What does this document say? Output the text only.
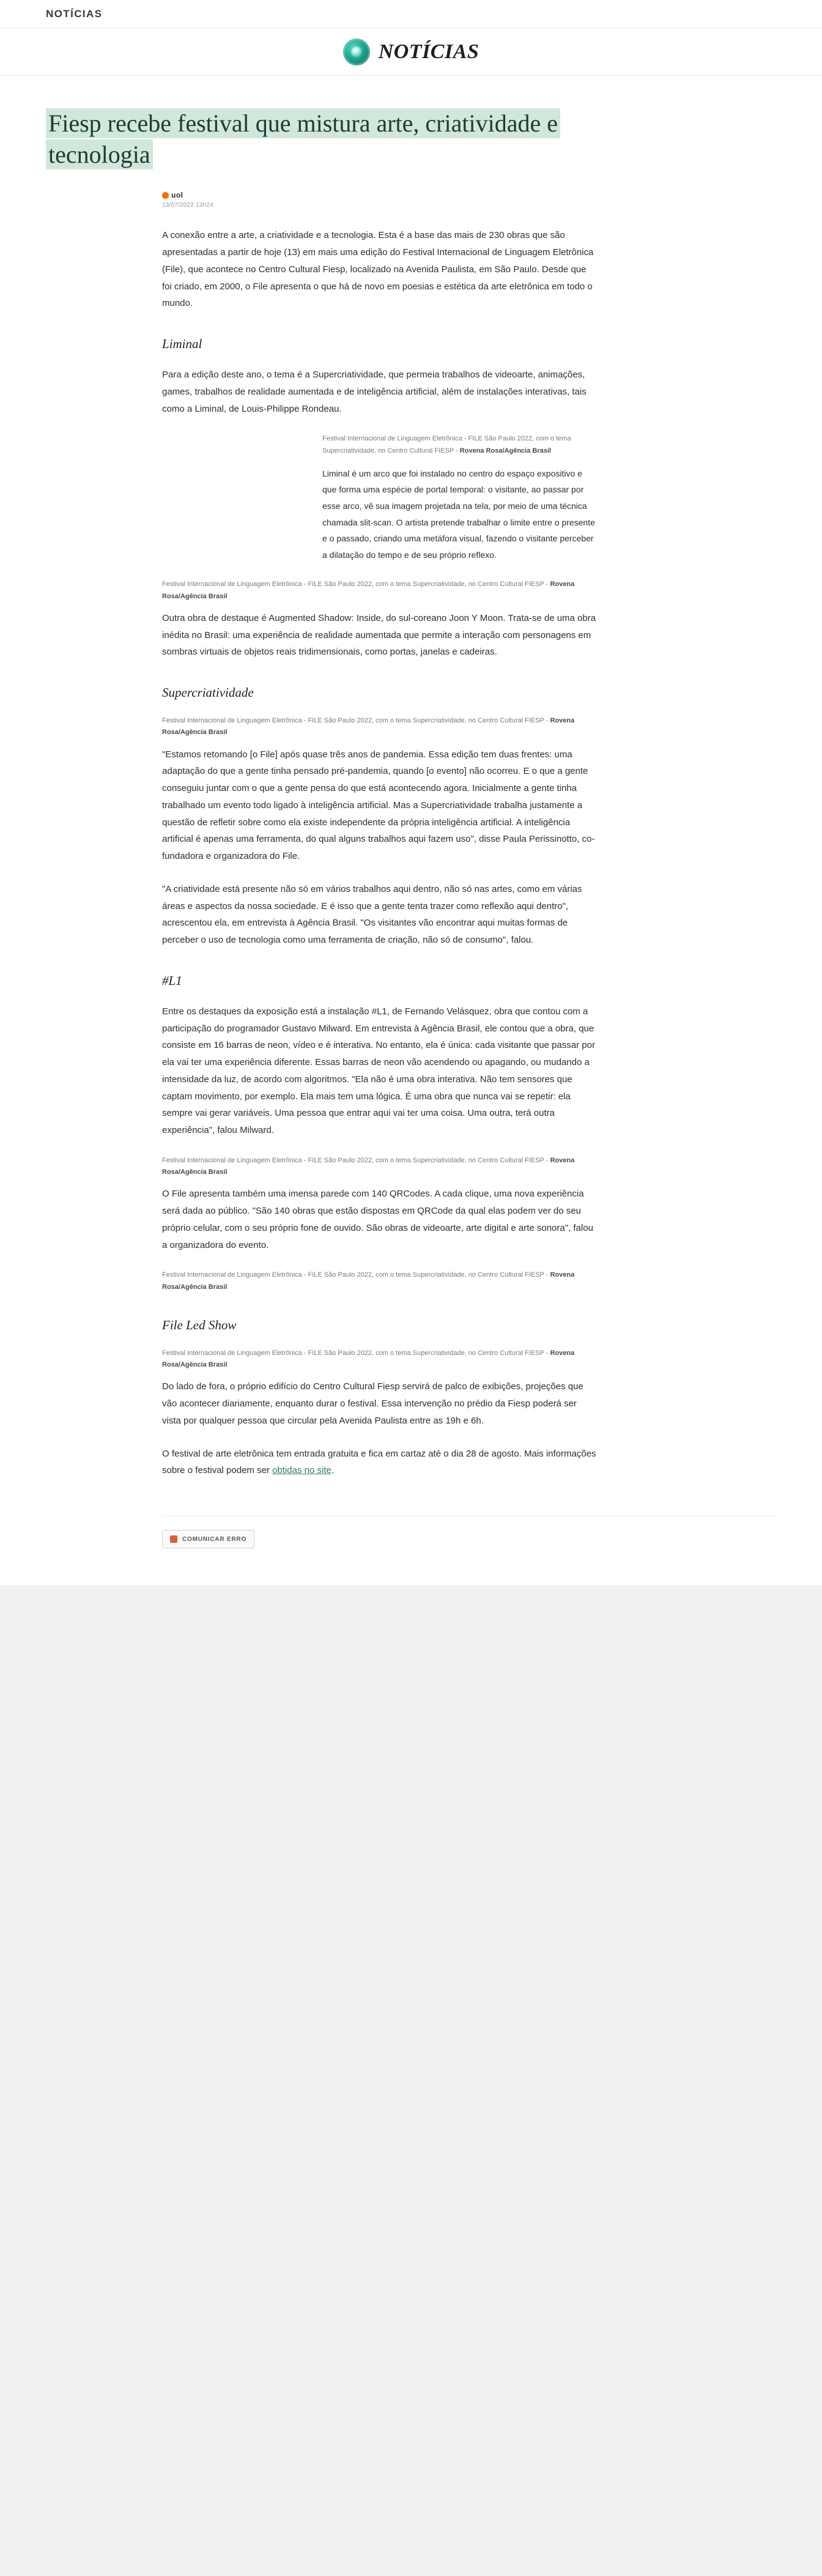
NOTÍCIAS
NOTÍCIAS
Fiesp recebe festival que mistura arte, criatividade e tecnologia
uol
13/07/2022 13h24

A conexão entre a arte, a criatividade e a tecnologia. Esta é a base das mais de 230 obras que são apresentadas a partir de hoje (13) em mais uma edição do Festival Internacional de Linguagem Eletrônica (File), que acontece no Centro Cultural Fiesp, localizado na Avenida Paulista, em São Paulo. Desde que foi criado, em 2000, o File apresenta o que há de novo em poesias e estética da arte eletrônica em todo o mundo.

Liminal

Para a edição deste ano, o tema é a Supercriatividade, que permeia trabalhos de videoarte, animações, games, trabalhos de realidade aumentada e de inteligência artificial, além de instalações interativas, tais como a Liminal, de Louis-Philippe Rondeau.

Festival Internacional de Linguagem Eletrônica - FILE São Paulo 2022, com o tema Supercriatividade, no Centro Cultural FIESP - Rovena Rosa/Agência Brasil

Liminal é um arco que foi instalado no centro do espaço expositivo e que forma uma espécie de portal temporal: o visitante, ao passar por esse arco, vê sua imagem projetada na tela, por meio de uma técnica chamada slit-scan. O artista pretende trabalhar o limite entre o presente e o passado, criando uma metáfora visual, fazendo o visitante perceber a dilatação do tempo e de seu próprio reflexo.

Festival Internacional de Linguagem Eletrônica - FILE São Paulo 2022, com o tema Supercriatividade, no Centro Cultural FIESP - Rovena Rosa/Agência Brasil

Outra obra de destaque é Augmented Shadow: Inside, do sul-coreano Joon Y Moon. Trata-se de uma obra inédita no Brasil: uma experiência de realidade aumentada que permite a interação com personagens em sombras virtuais de objetos reais tridimensionais, como portas, janelas e cadeiras.

Supercriatividade

Festival Internacional de Linguagem Eletrônica - FILE São Paulo 2022, com o tema Supercriatividade, no Centro Cultural FIESP - Rovena Rosa/Agência Brasil

"Estamos retomando [o File] após quase três anos de pandemia. Essa edição tem duas frentes: uma adaptação do que a gente tinha pensado pré-pandemia, quando [o evento] não ocorreu. E o que a gente conseguiu juntar com o que a gente pensa do que está acontecendo agora. Inicialmente a gente tinha trabalhado um evento todo ligado à inteligência artificial. Mas a Supercriatividade trabalha justamente a questão de refletir sobre como ela existe independente da própria inteligência artificial. A inteligência artificial é apenas uma ferramenta, do qual alguns trabalhos aqui fazem uso", disse Paula Perissinotto, co-fundadora e organizadora do File.

"A criatividade está presente não só em vários trabalhos aqui dentro, não só nas artes, como em várias áreas e aspectos da nossa sociedade. E é isso que a gente tenta trazer como reflexão aqui dentro", acrescentou ela, em entrevista à Agência Brasil. "Os visitantes vão encontrar aqui muitas formas de perceber o uso de tecnologia como uma ferramenta de criação, não só de consumo", falou.

#L1

Entre os destaques da exposição está a instalação #L1, de Fernando Velásquez, obra que contou com a participação do programador Gustavo Milward. Em entrevista à Agência Brasil, ele contou que a obra, que consiste em 16 barras de neon, vídeo e é interativa. No entanto, ela é única: cada visitante que passar por ela vai ter uma experiência diferente. Essas barras de neon vão acendendo ou apagando, ou mudando a intensidade da luz, de acordo com algoritmos. "Ela não é uma obra interativa. Não tem sensores que captam movimento, por exemplo. Ela mais tem uma lógica. É uma obra que nunca vai se repetir: ela sempre vai gerar variáveis. Uma pessoa que entrar aqui vai ter uma coisa. Uma outra, terá outra experiência", falou Milward.

Festival Internacional de Linguagem Eletrônica - FILE São Paulo 2022, com o tema Supercriatividade, no Centro Cultural FIESP - Rovena Rosa/Agência Brasil

O File apresenta também uma imensa parede com 140 QRCodes. A cada clique, uma nova experiência será dada ao público. "São 140 obras que estão dispostas em QRCode da qual elas podem ver do seu próprio celular, com o seu próprio fone de ouvido. São obras de videoarte, arte digital e arte sonora", falou a organizadora do evento.

Festival Internacional de Linguagem Eletrônica - FILE São Paulo 2022, com o tema Supercriatividade, no Centro Cultural FIESP - Rovena Rosa/Agência Brasil

File Led Show

Festival Internacional de Linguagem Eletrônica - FILE São Paulo 2022, com o tema Supercriatividade, no Centro Cultural FIESP - Rovena Rosa/Agência Brasil

Do lado de fora, o próprio edifício do Centro Cultural Fiesp servirá de palco de exibições, projeções que vão acontecer diariamente, enquanto durar o festival. Essa intervenção no prédio da Fiesp poderá ser vista por qualquer pessoa que circular pela Avenida Paulista entre as 19h e 6h.

O festival de arte eletrônica tem entrada gratuita e fica em cartaz até o dia 28 de agosto. Mais informações sobre o festival podem ser obtidas no site.

COMUNICAR ERRO
